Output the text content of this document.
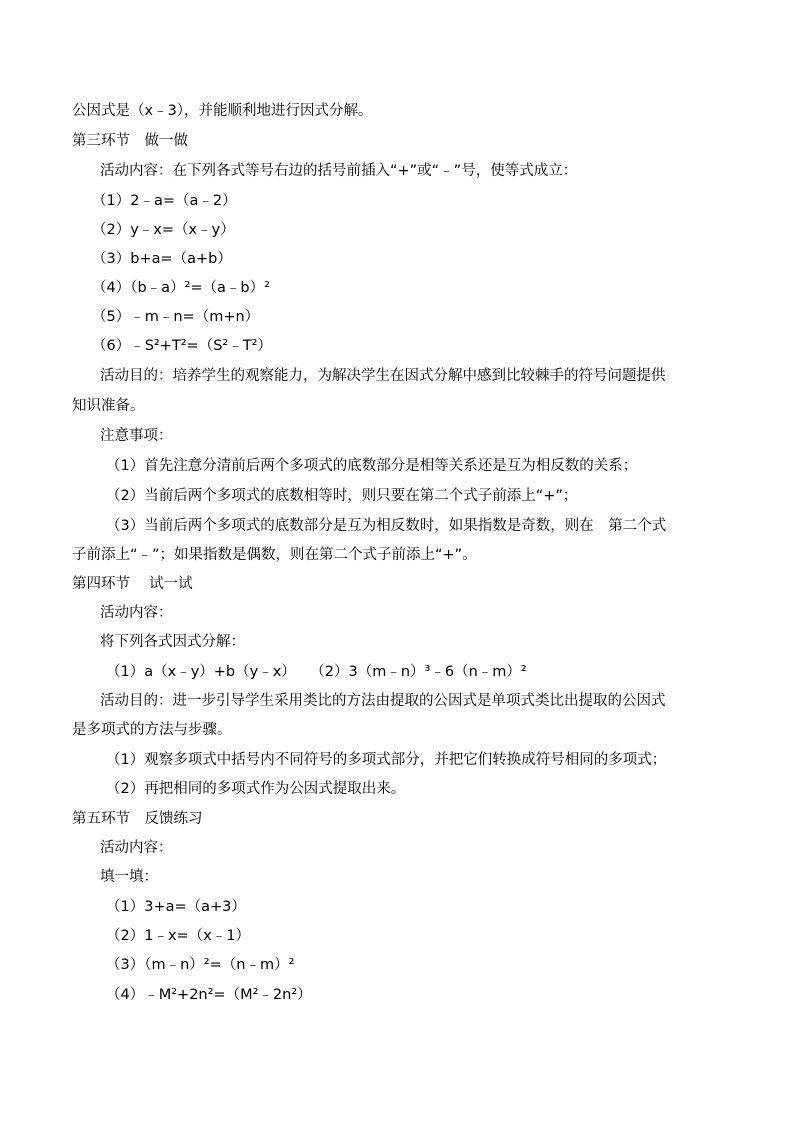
公因式是（x﹣3），并能顺利地进行因式分解。
第三环节　做一做
活动内容：在下列各式等号右边的括号前插入“+”或“﹣”号，使等式成立：
（1）2﹣a=（a﹣2）
（2）y﹣x=（x﹣y）
（3）b+a=（a+b）
（4）（b﹣a）²=（a﹣b）²
（5）﹣m﹣n=（m+n）
（6）﹣S²+T²=（S²﹣T²）
活动目的：培养学生的观察能力，为解决学生在因式分解中感到比较棘手的符号问题提供
知识准备。
注意事项：
（1）首先注意分清前后两个多项式的底数部分是相等关系还是互为相反数的关系；
（2）当前后两个多项式的底数相等时，则只要在第二个式子前添上“+”；
（3）当前后两个多项式的底数部分是互为相反数时，如果指数是奇数，则在　第二个式
子前添上“﹣”；如果指数是偶数，则在第二个式子前添上“+”。
第四环节　 试一试
活动内容：
将下列各式因式分解：
（1）a（x﹣y）+b（y﹣x）　　（2）3（m﹣n）³﹣6（n﹣m）²
活动目的：进一步引导学生采用类比的方法由提取的公因式是单项式类比出提取的公因式
是多项式的方法与步骤。
（1）观察多项式中括号内不同符号的多项式部分，并把它们转换成符号相同的多项式；
（2）再把相同的多项式作为公因式提取出来。
第五环节　反馈练习
活动内容：
填一填：
（1）3+a=（a+3）
（2）1﹣x=（x﹣1）
（3）（m﹣n）²=（n﹣m）²
（4）﹣M²+2n²=（M²﹣2n²）
